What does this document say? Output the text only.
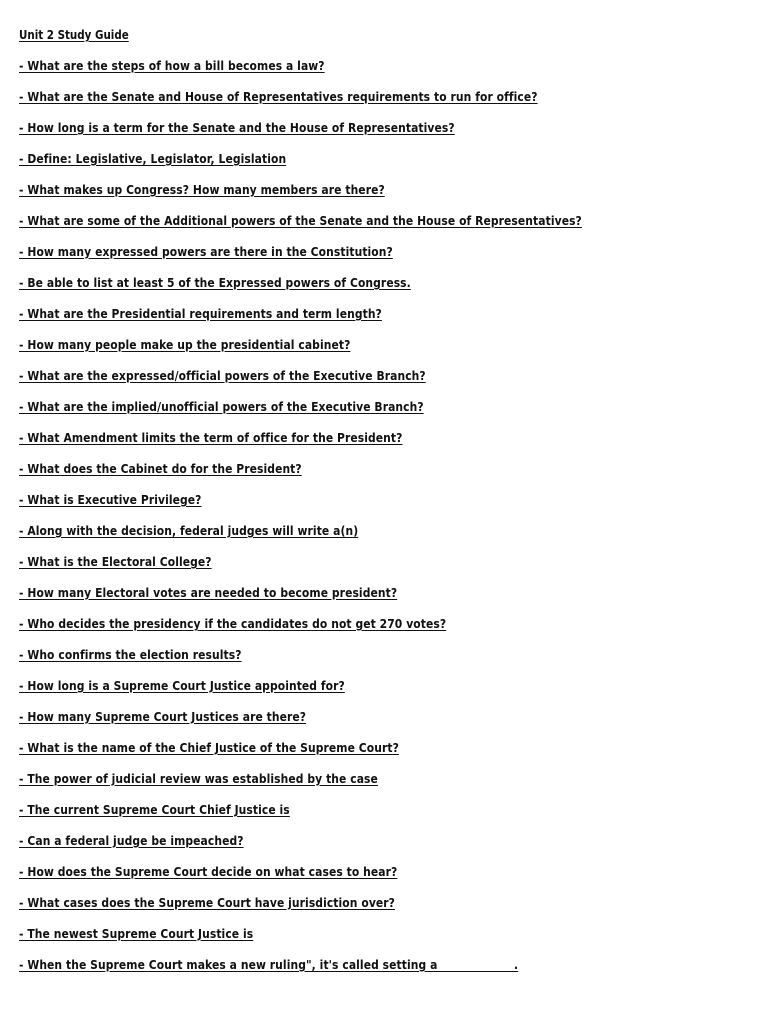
Unit 2 Study Guide
- What are the steps of how a bill becomes a law?
- What are the Senate and House of Representatives requirements to run for office?
- How long is a term for the Senate and the House of Representatives?
- Define: Legislative, Legislator, Legislation
- What makes up Congress? How many members are there?
- What are some of the Additional powers of the Senate and the House of Representatives?
- How many expressed powers are there in the Constitution?
- Be able to list at least 5 of the Expressed powers of Congress.
- What are the Presidential requirements and term length?
- How many people make up the presidential cabinet?
- What are the expressed/official powers of the Executive Branch?
- What are the implied/unofficial powers of the Executive Branch?
- What Amendment limits the term of office for the President?
- What does the Cabinet do for the President?
- What is Executive Privilege?
- Along with the decision, federal judges will write a(n)
- What is the Electoral College?
- How many Electoral votes are needed to become president?
- Who decides the presidency if the candidates do not get 270 votes?
- Who confirms the election results?
- How long is a Supreme Court Justice appointed for?
- How many Supreme Court Justices are there?
- What is the name of the Chief Justice of the Supreme Court?
- The power of judicial review was established by the case
- The current Supreme Court Chief Justice is
- Can a federal judge be impeached?
- How does the Supreme Court decide on what cases to hear?
- What cases does the Supreme Court have jurisdiction over?
- The newest Supreme Court Justice is
- When the Supreme Court makes a new ruling", it's called setting a                    .
